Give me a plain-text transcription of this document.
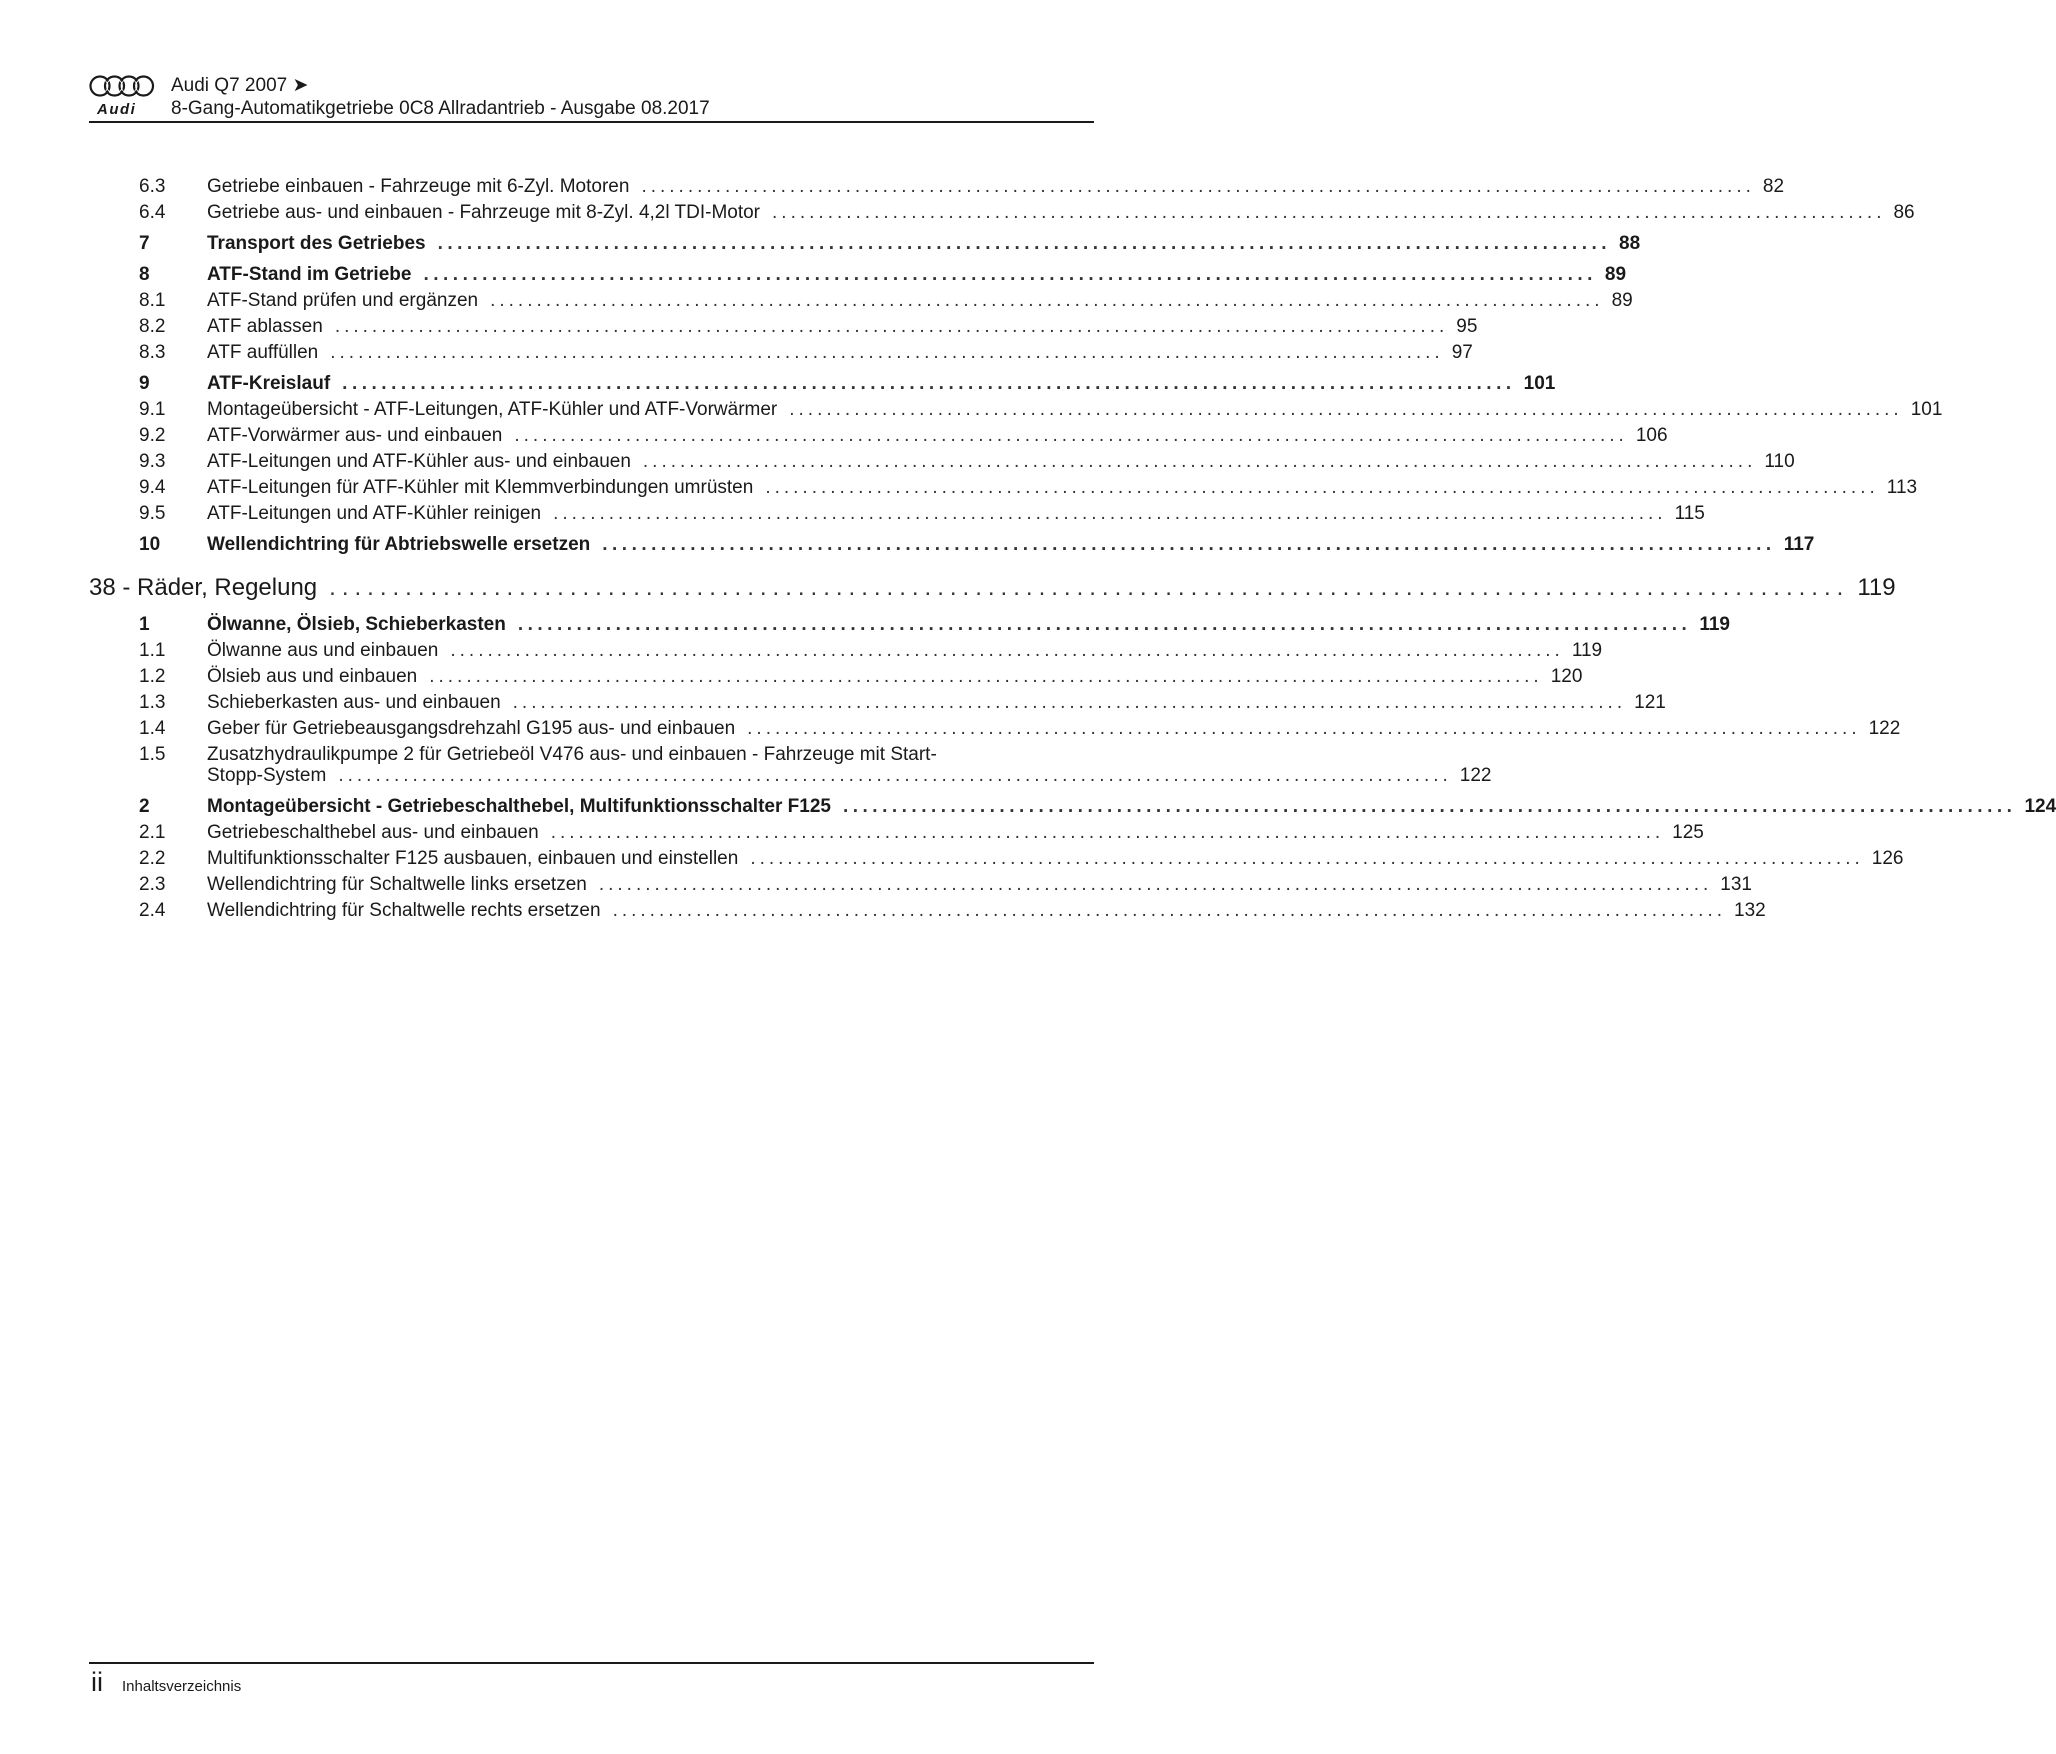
Audi
Audi Q7 2007 ➤
8-Gang-Automatikgetriebe 0C8 Allradantrieb - Ausgabe 08.2017
6.3	Getriebe einbauen - Fahrzeuge mit 6-Zyl. Motoren ........................................................................................................................ 82
6.4	Getriebe aus- und einbauen - Fahrzeuge mit 8-Zyl. 4,2l TDI-Motor ........................................................................................................................ 86
7	Transport des Getriebes ........................................................................................................................ 88
8	ATF-Stand im Getriebe ........................................................................................................................ 89
8.1	ATF-Stand prüfen und ergänzen ........................................................................................................................ 89
8.2	ATF ablassen ........................................................................................................................ 95
8.3	ATF auffüllen ........................................................................................................................ 97
9	ATF-Kreislauf ........................................................................................................................ 101
9.1	Montageübersicht - ATF-Leitungen, ATF-Kühler und ATF-Vorwärmer ........................................................................................................................ 101
9.2	ATF-Vorwärmer aus- und einbauen ........................................................................................................................ 106
9.3	ATF-Leitungen und ATF-Kühler aus- und einbauen ........................................................................................................................ 110
9.4	ATF-Leitungen für ATF-Kühler mit Klemmverbindungen umrüsten ........................................................................................................................ 113
9.5	ATF-Leitungen und ATF-Kühler reinigen ........................................................................................................................ 115
10	Wellendichtring für Abtriebswelle ersetzen ........................................................................................................................ 117
38 - Räder, Regelung ........................................................................................................................ 119
1	Ölwanne, Ölsieb, Schieberkasten ........................................................................................................................ 119
1.1	Ölwanne aus und einbauen ........................................................................................................................ 119
1.2	Ölsieb aus und einbauen ........................................................................................................................ 120
1.3	Schieberkasten aus- und einbauen ........................................................................................................................ 121
1.4	Geber für Getriebeausgangsdrehzahl G195 aus- und einbauen ........................................................................................................................ 122
1.5	Zusatzhydraulikpumpe 2 für Getriebeöl V476 aus- und einbauen - Fahrzeuge mit Start-
Stopp-System ........................................................................................................................ 122
2	Montageübersicht - Getriebeschalthebel, Multifunktionsschalter F125 ........................................................................................................................ 124
2.1	Getriebeschalthebel aus- und einbauen ........................................................................................................................ 125
2.2	Multifunktionsschalter F125 ausbauen, einbauen und einstellen ........................................................................................................................ 126
2.3	Wellendichtring für Schaltwelle links ersetzen ........................................................................................................................ 131
2.4	Wellendichtring für Schaltwelle rechts ersetzen ........................................................................................................................ 132
ii Inhaltsverzeichnis
